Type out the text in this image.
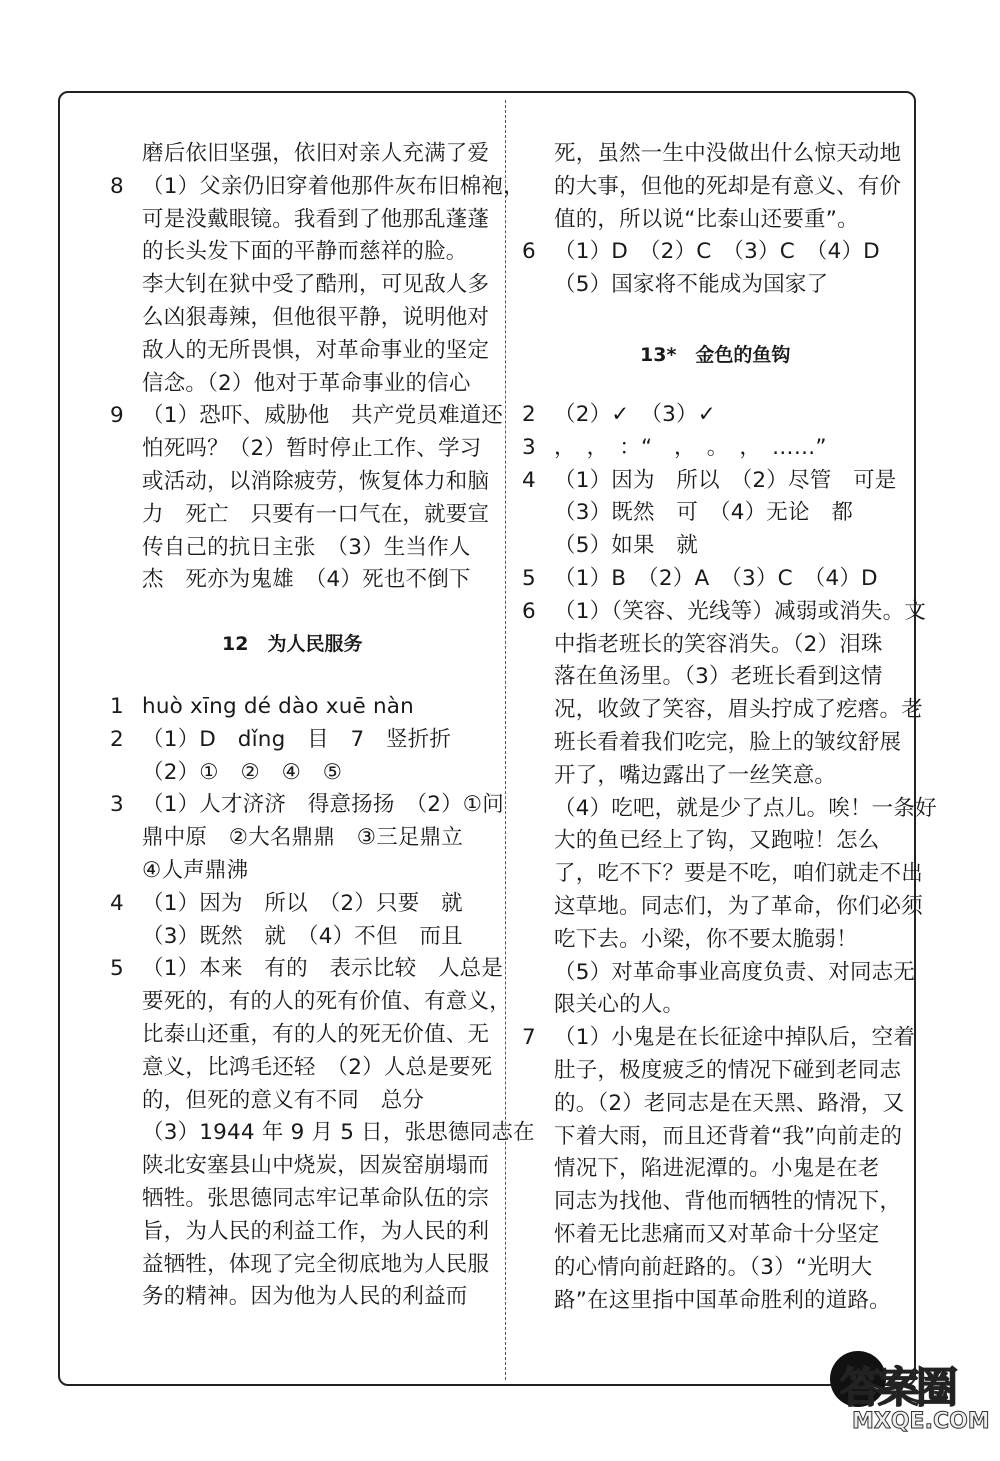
磨后依旧坚强，依旧对亲人充满了爱
8 （1）父亲仍旧穿着他那件灰布旧棉袍，
可是没戴眼镜。我看到了他那乱蓬蓬
的长头发下面的平静而慈祥的脸。
李大钊在狱中受了酷刑，可见敌人多
么凶狠毒辣，但他很平静，说明他对
敌人的无所畏惧，对革命事业的坚定
信念。（2）他对于革命事业的信心
9 （1）恐吓、威胁他　共产党员难道还
怕死吗？（2）暂时停止工作、学习
或活动，以消除疲劳，恢复体力和脑
力　死亡　只要有一口气在，就要宣
传自己的抗日主张　（3）生当作人
杰　死亦为鬼雄　（4）死也不倒下
12　为人民服务
1 huò xīng dé dào xuē nàn
2 （1）D　dǐng　目　7　竖折折
（2）①　②　④　⑤
3 （1）人才济济　得意扬扬　（2）①问
鼎中原　②大名鼎鼎　③三足鼎立
④人声鼎沸
4 （1）因为　所以　（2）只要　就
（3）既然　就　（4）不但　而且
5 （1）本来　有的　表示比较　人总是
要死的，有的人的死有价值、有意义，
比泰山还重，有的人的死无价值、无
意义，比鸿毛还轻　（2）人总是要死
的，但死的意义有不同　总分
（3）1944 年 9 月 5 日，张思德同志在
陕北安塞县山中烧炭，因炭窑崩塌而
牺牲。张思德同志牢记革命队伍的宗
旨，为人民的利益工作，为人民的利
益牺牲，体现了完全彻底地为人民服
务的精神。因为他为人民的利益而
死，虽然一生中没做出什么惊天动地
的大事，但他的死却是有意义、有价
值的，所以说“比泰山还要重”。
6 （1）D　（2）C　（3）C　（4）D
（5）国家将不能成为国家了
13*　金色的鱼钩
2 （2）✓　（3）✓
3 ，　，　：“　，　。　，　……”
4 （1）因为　所以　（2）尽管　可是
（3）既然　可　（4）无论　都
（5）如果　就
5 （1）B　（2）A　（3）C　（4）D
6 （1）（笑容、光线等）减弱或消失。文
中指老班长的笑容消失。（2）泪珠
落在鱼汤里。（3）老班长看到这情
况，收敛了笑容，眉头拧成了疙瘩。老
班长看着我们吃完，脸上的皱纹舒展
开了，嘴边露出了一丝笑意。
（4）吃吧，就是少了点儿。唉！一条好
大的鱼已经上了钩，又跑啦！怎么
了，吃不下？要是不吃，咱们就走不出
这草地。同志们，为了革命，你们必须
吃下去。小梁，你不要太脆弱！
（5）对革命事业高度负责、对同志无
限关心的人。
7 （1）小鬼是在长征途中掉队后，空着
肚子，极度疲乏的情况下碰到老同志
的。（2）老同志是在天黑、路滑，又
下着大雨，而且还背着“我”向前走的
情况下，陷进泥潭的。小鬼是在老
同志为找他、背他而牺牲的情况下，
怀着无比悲痛而又对革命十分坚定
的心情向前赶路的。（3）“光明大
路”在这里指中国革命胜利的道路。
答案圈
MXQE.COM
